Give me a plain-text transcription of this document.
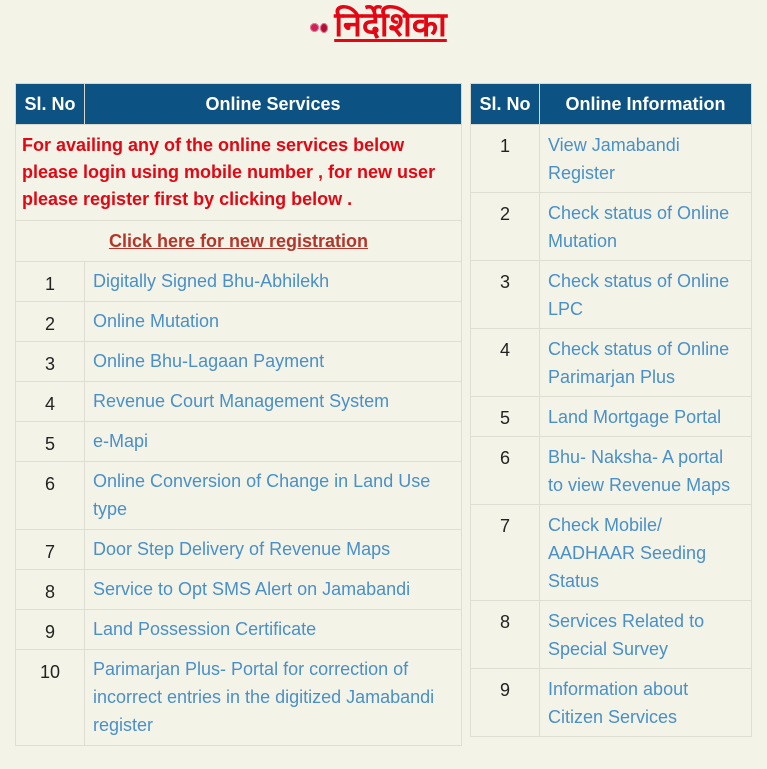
निर्देशिका
Sl. No	Online Services
For availing any of the online services below please login using mobile number , for new user please register first by clicking below .	
Click here for new registration	
1	Digitally Signed Bhu-Abhilekh
2	Online Mutation
3	Online Bhu-Lagaan Payment
4	Revenue Court Management System
5	e-Mapi
6	Online Conversion of Change in Land Use type
7	Door Step Delivery of Revenue Maps
8	Service to Opt SMS Alert on Jamabandi
9	Land Possession Certificate
10	Parimarjan Plus- Portal for correction of incorrect entries in the digitized Jamabandi register
Sl. No	Online Information
1	View Jamabandi Register
2	Check status of Online Mutation
3	Check status of Online LPC
4	Check status of Online Parimarjan Plus
5	Land Mortgage Portal
6	Bhu- Naksha- A portal to view Revenue Maps
7	Check Mobile/ AADHAAR Seeding Status
8	Services Related to Special Survey
9	Information about Citizen Services
